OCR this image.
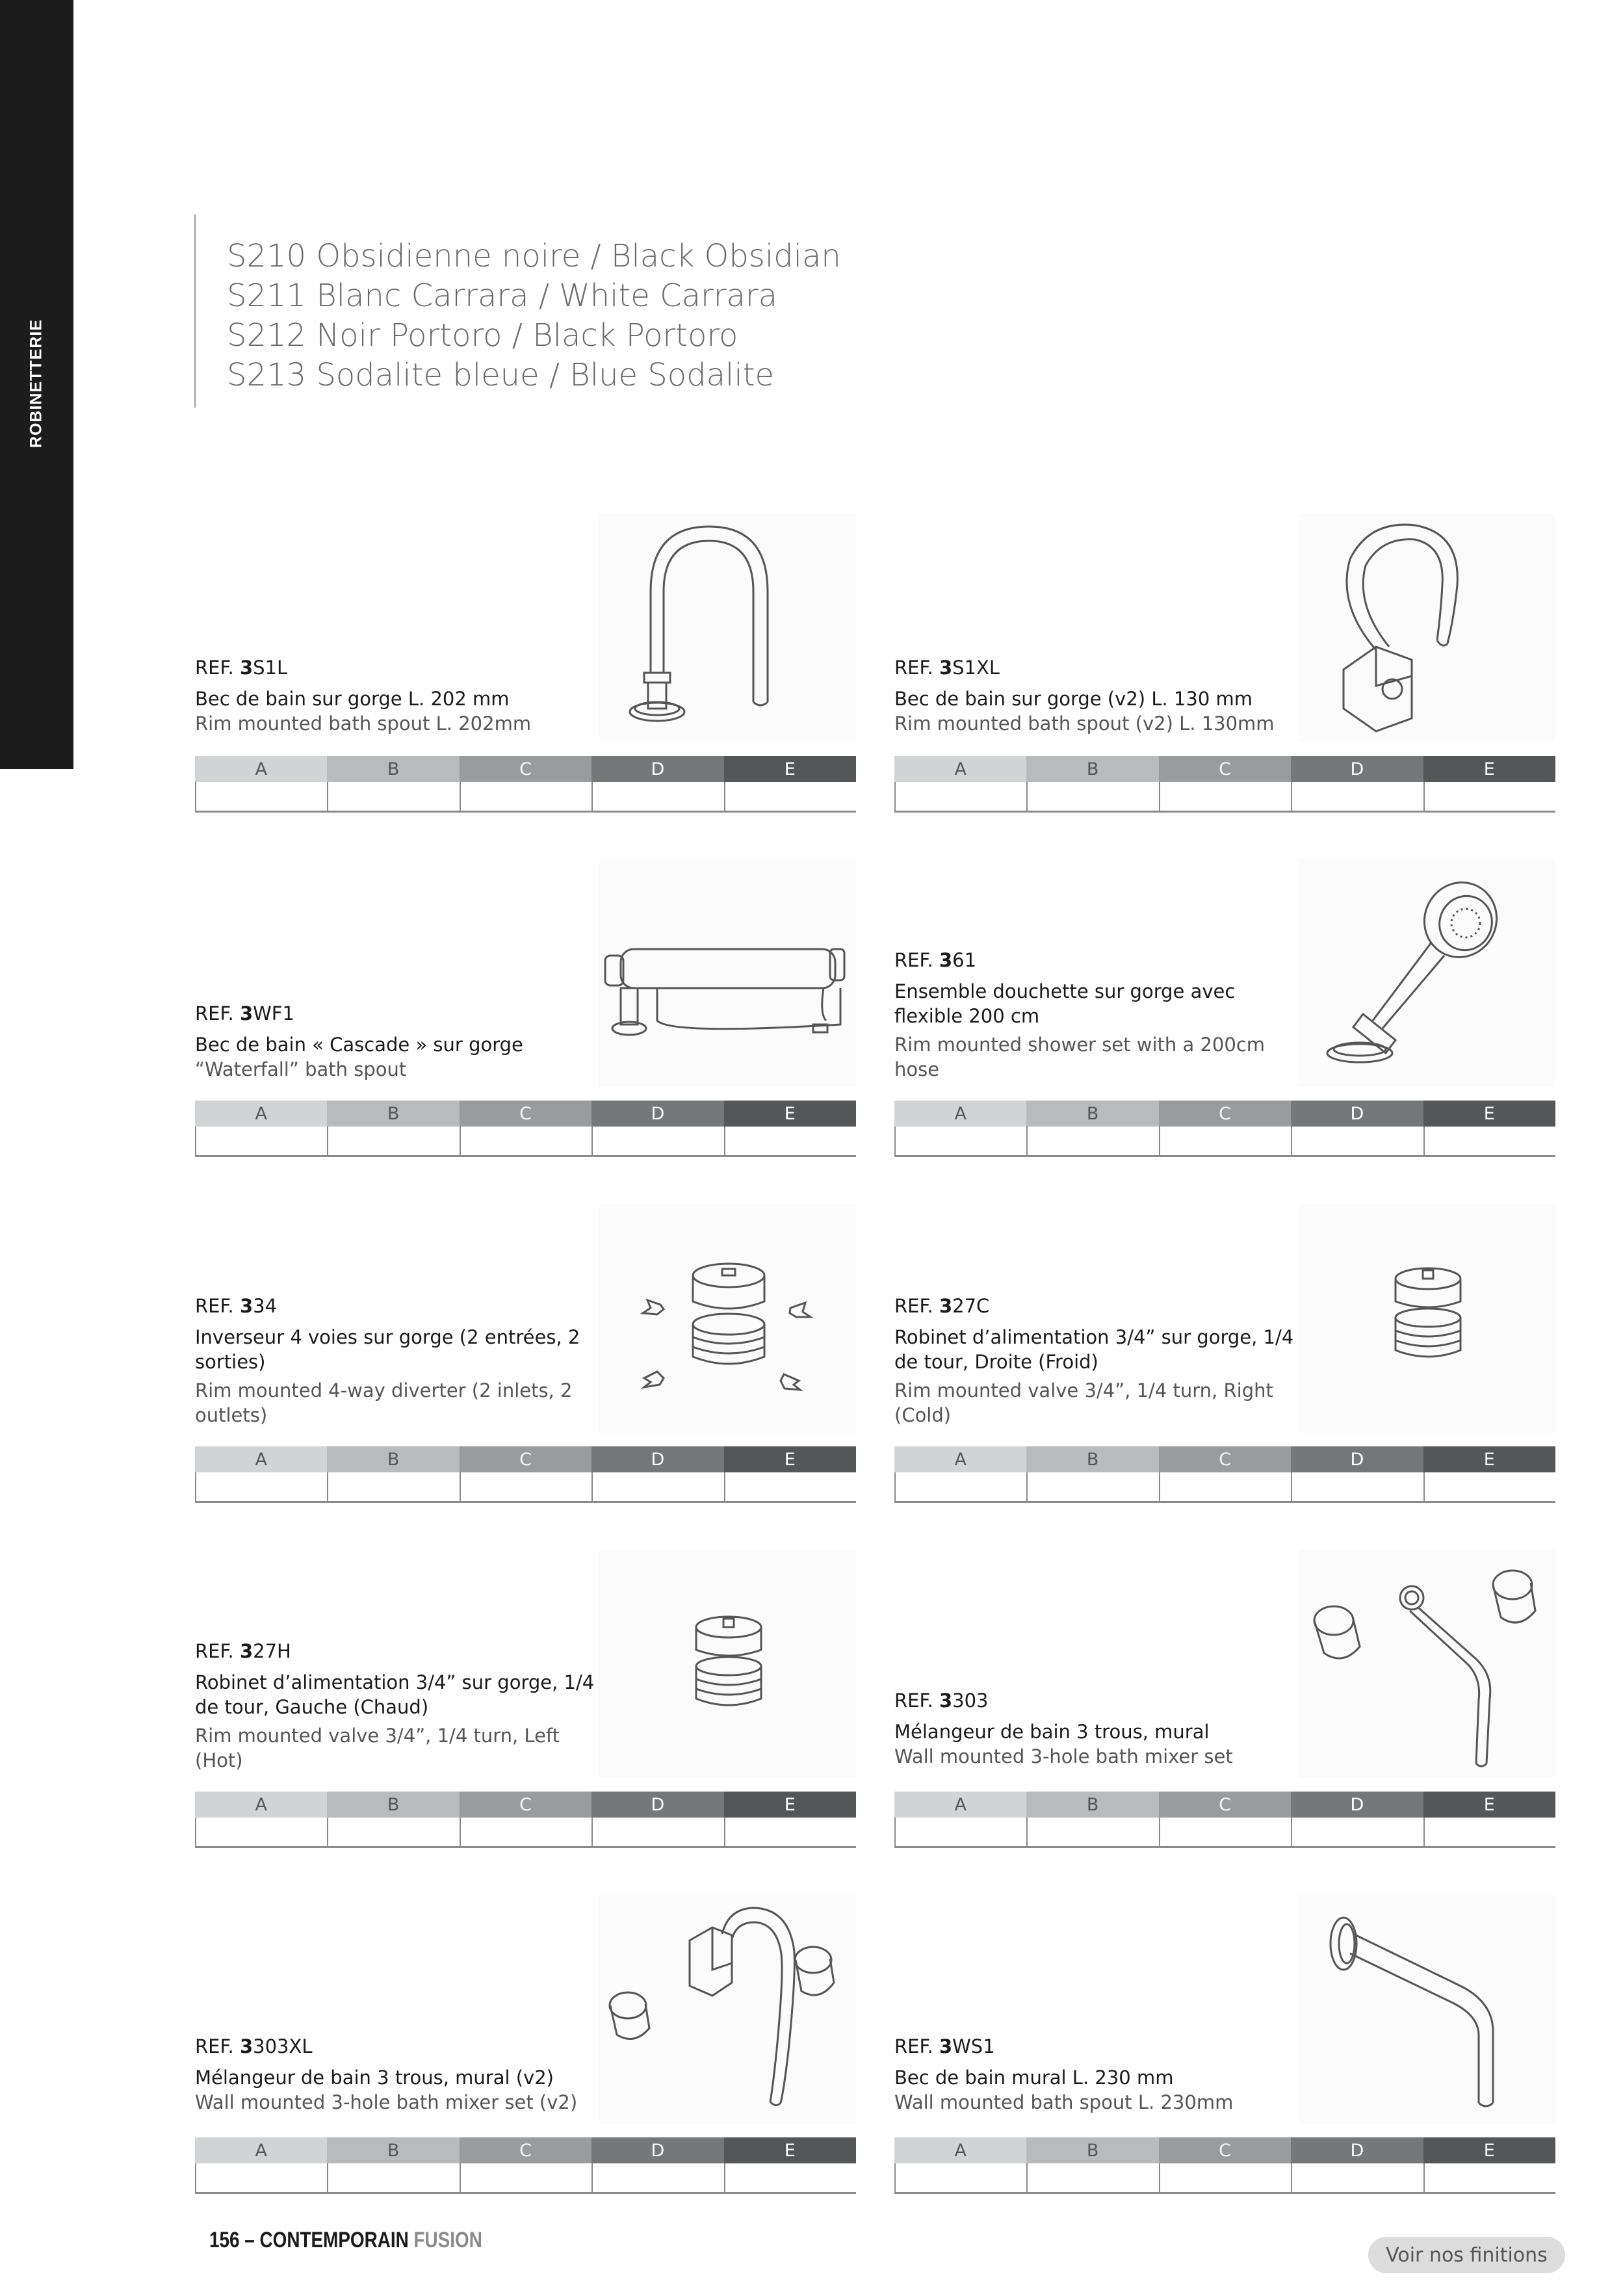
ROBINETTERIE
S210 Obsidienne noire / Black Obsidian
S211 Blanc Carrara / White Carrara
S212 Noir Portoro / Black Portoro
S213 Sodalite bleue / Blue Sodalite
REF. 3S1L
Bec de bain sur gorge L. 202 mm
Rim mounted bath spout L. 202mm
A	B	C	D	E
REF. 3S1XL
Bec de bain sur gorge (v2) L. 130 mm
Rim mounted bath spout (v2) L. 130mm
A	B	C	D	E
REF. 3WF1
Bec de bain « Cascade » sur gorge
“Waterfall” bath spout
A	B	C	D	E
REF. 361
Ensemble douchette sur gorge avec flexible 200 cm
Rim mounted shower set with a 200cm hose
A	B	C	D	E
REF. 334
Inverseur 4 voies sur gorge (2 entrées, 2 sorties)
Rim mounted 4-way diverter (2 inlets, 2 outlets)
A	B	C	D	E
REF. 327C
Robinet d’alimentation 3/4” sur gorge, 1/4 de tour, Droite (Froid)
Rim mounted valve 3/4”, 1/4 turn, Right (Cold)
A	B	C	D	E
REF. 327H
Robinet d’alimentation 3/4” sur gorge, 1/4 de tour, Gauche (Chaud)
Rim mounted valve 3/4”, 1/4 turn, Left (Hot)
A	B	C	D	E
REF. 3303
Mélangeur de bain 3 trous, mural
Wall mounted 3-hole bath mixer set
A	B	C	D	E
REF. 3303XL
Mélangeur de bain 3 trous, mural (v2)
Wall mounted 3-hole bath mixer set (v2)
A	B	C	D	E
REF. 3WS1
Bec de bain mural L. 230 mm
Wall mounted bath spout L. 230mm
A	B	C	D	E
156 – CONTEMPORAIN FUSION
Voir nos finitions
